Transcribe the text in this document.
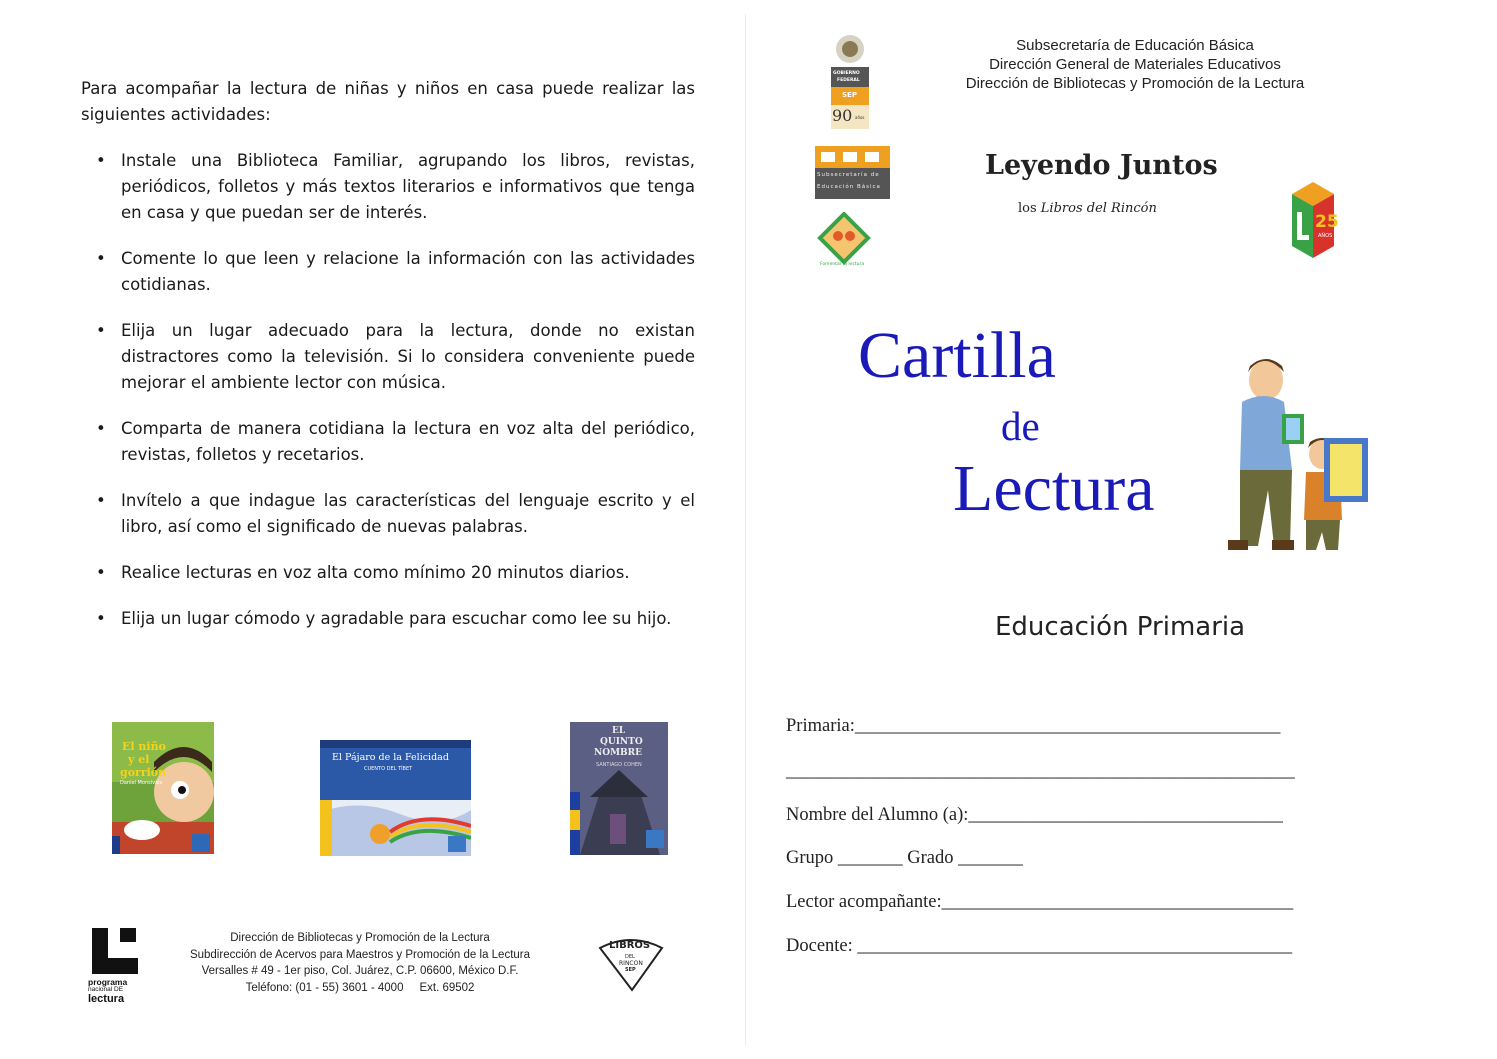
Para acompañar la lectura de niñas y niños en casa puede realizar las siguientes actividades:

• Instale una Biblioteca Familiar, agrupando los libros, revistas, periódicos, folletos y más textos literarios e informativos que tenga en casa y que puedan ser de interés.
• Comente lo que leen y relacione la información con las actividades cotidianas.
• Elija un lugar adecuado para la lectura, donde no existan distractores como la televisión. Si lo considera conveniente puede mejorar el ambiente lector con música.
• Comparta de manera cotidiana la lectura en voz alta del periódico, revistas, folletos y recetarios.
• Invítelo a que indague las características del lenguaje escrito y el libro, así como el significado de nuevas palabras.
• Realice lecturas en voz alta como mínimo 20 minutos diarios.
• Elija un lugar cómodo y agradable para escuchar como lee su hijo.
El niño
y el
gorrión
Daniel Monsiváis
El Pájaro de la Felicidad
CUENTO DEL TÍBET
EL
QUINTO
NOMBRE
SANTIAGO COHEN
programa
nacional DE
lectura
Dirección de Bibliotecas y Promoción de la Lectura
Subdirección de Acervos para Maestros y Promoción de la Lectura
Versalles # 49 - 1er piso, Col. Juárez, C.P. 06600, México D.F.
Teléfono: (01 - 55) 3601 - 4000     Ext. 69502
LIBROS
DEL
RINCON
SEP
GOBIERNO
FEDERAL
SEP
90 años
Subsecretaría de
Educación Básica
Fomentar la lectura
Subsecretaría de Educación Básica
Dirección General de Materiales Educativos
Dirección de Bibliotecas y Promoción de la Lectura
Leyendo Juntos
los Libros del Rincón
25
AÑOS
Cartilla
de
Lectura
Educación Primaria
Primaria:______________________________________________
_______________________________________________________
Nombre del Alumno (a):__________________________________
Grupo _______ Grado _______
Lector acompañante:______________________________________
Docente: _______________________________________________
